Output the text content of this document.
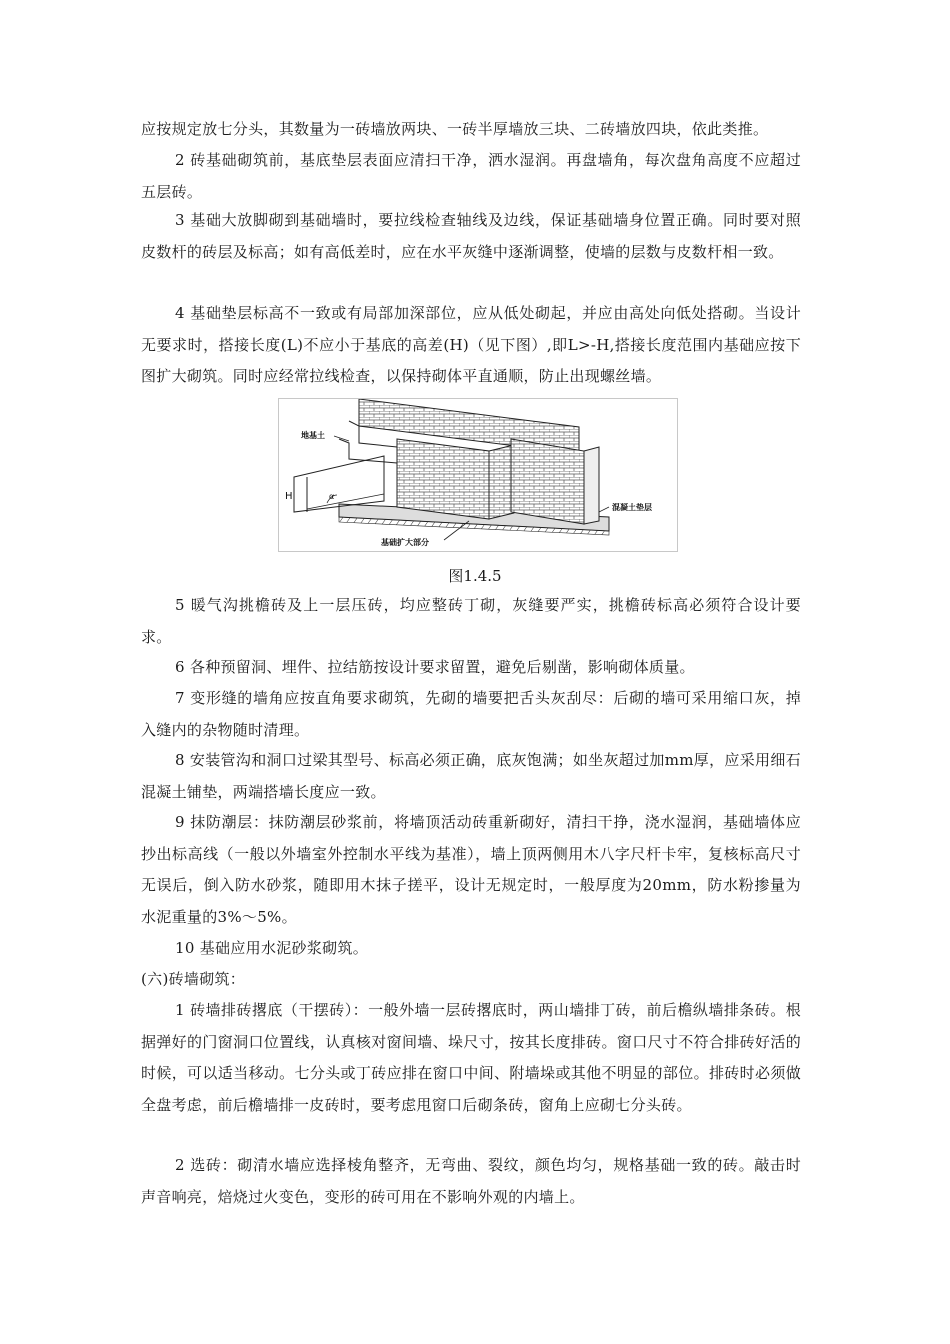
应按规定放七分头，其数量为一砖墙放两块、一砖半厚墙放三块、二砖墙放四块，依此类推。

2 砖基础砌筑前，基底垫层表面应清扫干净，洒水湿润。再盘墙角，每次盘角高度不应超过五层砖。

3 基础大放脚砌到基础墙时，要拉线检查轴线及边线，保证基础墙身位置正确。同时要对照皮数杆的砖层及标高；如有高低差时，应在水平灰缝中逐渐调整，使墙的层数与皮数杆相一致。

4 基础垫层标高不一致或有局部加深部位，应从低处砌起，并应由高处向低处搭砌。当设计无要求时，搭接长度(L)不应小于基底的高差(H)（见下图）,即L>-H,搭接长度范围内基础应按下图扩大砌筑。同时应经常拉线检查，以保持砌体平直通顺，防止出现螺丝墙。

地基土
混凝土垫层
基础扩大部分
H	α
图1.4.5

5 暖气沟挑檐砖及上一层压砖，均应整砖丁砌，灰缝要严实，挑檐砖标高必须符合设计要求。

6 各种预留洞、埋件、拉结筋按设计要求留置，避免后剔凿，影响砌体质量。

7 变形缝的墙角应按直角要求砌筑，先砌的墙要把舌头灰刮尽：后砌的墙可采用缩口灰，掉入缝内的杂物随时清理。

8 安装管沟和洞口过梁其型号、标高必须正确，底灰饱满；如坐灰超过加mm厚，应采用细石混凝土铺垫，两端搭墙长度应一致。

9 抹防潮层：抹防潮层砂浆前，将墙顶活动砖重新砌好，清扫干挣，浇水湿润，基础墙体应抄出标高线（一般以外墙室外控制水平线为基准），墙上顶两侧用木八字尺杆卡牢，复核标高尺寸无误后，倒入防水砂浆，随即用木抹子搓平，设计无规定时，一般厚度为20mm，防水粉掺量为水泥重量的3%～5%。

10 基础应用水泥砂浆砌筑。

(六)砖墙砌筑：

1 砖墙排砖撂底（干摆砖）：一般外墙一层砖撂底时，两山墙排丁砖，前后檐纵墙排条砖。根据弹好的门窗洞口位置线，认真核对窗间墙、垛尺寸，按其长度排砖。窗口尺寸不符合排砖好活的时候，可以适当移动。七分头或丁砖应排在窗口中间、附墙垛或其他不明显的部位。排砖时必须做全盘考虑，前后檐墙排一皮砖时，要考虑甩窗口后砌条砖，窗角上应砌七分头砖。

2 选砖：砌清水墙应选择棱角整齐，无弯曲、裂纹，颜色均匀，规格基础一致的砖。敲击时声音响亮，焙烧过火变色，变形的砖可用在不影响外观的内墙上。
